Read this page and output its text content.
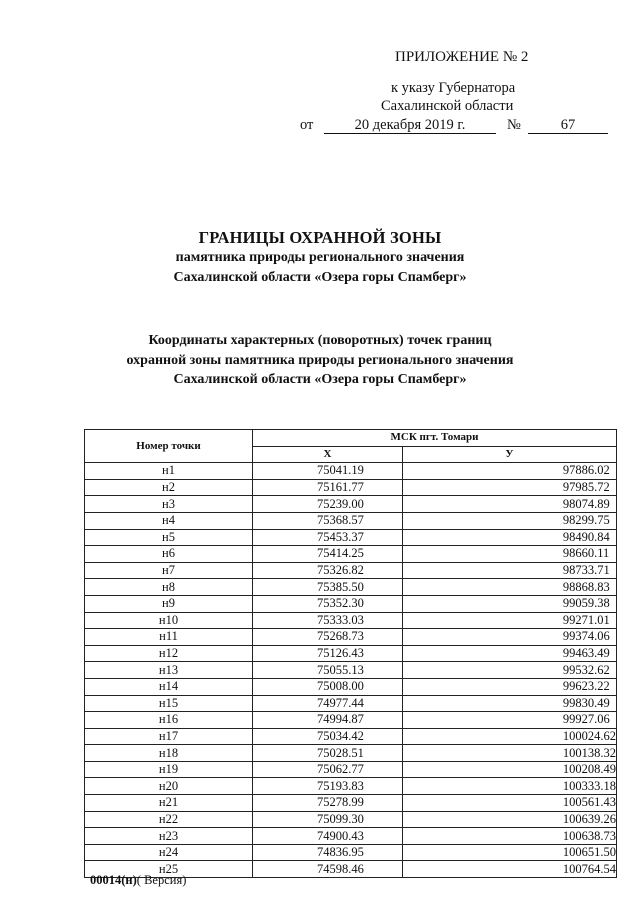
ПРИЛОЖЕНИЕ № 2
к указу Губернатора
Сахалинской области
от	20 декабря 2019 г.	№	67
ГРАНИЦЫ ОХРАННОЙ ЗОНЫ
памятника природы регионального значения
Сахалинской области «Озера горы Спамберг»
Координаты характерных (поворотных) точек границ
охранной зоны памятника природы регионального значения
Сахалинской области «Озера горы Спамберг»
Номер точки	МСК пгт. Томари	
	X	У
н1	75041.19	97886.02
н2	75161.77	97985.72
н3	75239.00	98074.89
н4	75368.57	98299.75
н5	75453.37	98490.84
н6	75414.25	98660.11
н7	75326.82	98733.71
н8	75385.50	98868.83
н9	75352.30	99059.38
н10	75333.03	99271.01
н11	75268.73	99374.06
н12	75126.43	99463.49
н13	75055.13	99532.62
н14	75008.00	99623.22
н15	74977.44	99830.49
н16	74994.87	99927.06
н17	75034.42	100024.62
н18	75028.51	100138.32
н19	75062.77	100208.49
н20	75193.83	100333.18
н21	75278.99	100561.43
н22	75099.30	100639.26
н23	74900.43	100638.73
н24	74836.95	100651.50
н25	74598.46	100764.54
00014(н)( Версия)
